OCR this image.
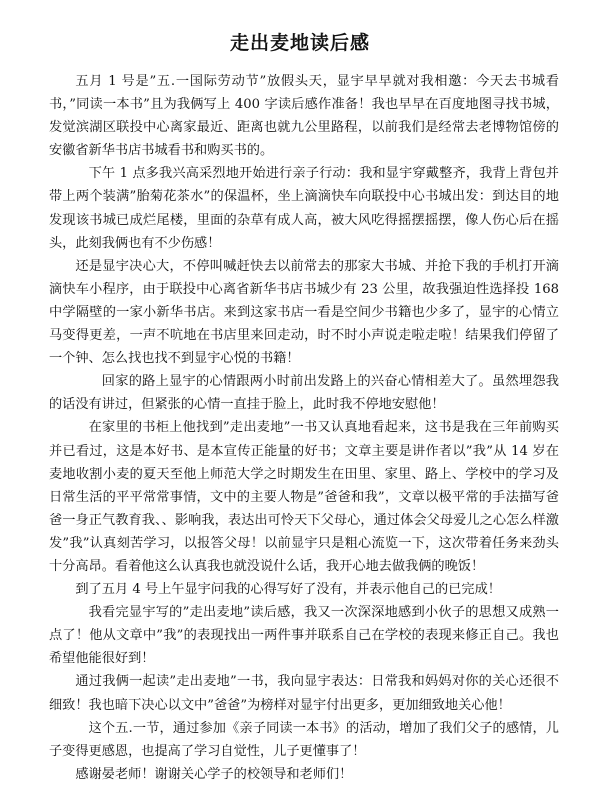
走出麦地读后感

五月 1 号是”五.一国际劳动节”放假头天，显宇早早就对我相邀：今天去书城看书，”同读一本书”且为我俩写上 400 字读后感作准备！我也早早在百度地图寻找书城，发觉滨湖区联投中心离家最近、距离也就九公里路程，以前我们是经常去老博物馆傍的安徽省新华书店书城看书和购买书的。

下午 1 点多我兴高采烈地开始进行亲子行动：我和显宇穿戴整齐，我背上背包并带上两个装满”胎菊花茶水”的保温杯，坐上滴滴快车向联投中心书城出发：到达目的地发现该书城已成烂尾楼，里面的杂草有成人高，被大风吃得摇摆摇摆，像人伤心后在摇头，此刻我俩也有不少伤感！

还是显宇决心大，不停叫喊赶快去以前常去的那家大书城、并抢下我的手机打开滴滴快车小程序，由于联投中心离省新华书店书城少有 23 公里，故我强迫性选择投 168 中学隔壁的一家小新华书店。来到这家书店一看是空间少书籍也少多了，显宇的心情立马变得更差，一声不吭地在书店里来回走动，时不时小声说走啦走啦！结果我们停留了一个钟、怎么找也找不到显宇心悦的书籍！

回家的路上显宇的心情跟两小时前出发路上的兴奋心情相差大了。虽然埋怨我的话没有讲过，但紧张的心情一直挂于脸上，此时我不停地安慰他！

在家里的书柜上他找到”走出麦地”一书又认真地看起来，这书是我在三年前购买并已看过，这是本好书、是本宣传正能量的好书；文章主要是讲作者以”我”从 14 岁在麦地收割小麦的夏天至他上师范大学之时期发生在田里、家里、路上、学校中的学习及日常生活的平平常常事情，文中的主要人物是”爸爸和我”，文章以极平常的手法描写爸爸一身正气教育我、、影响我，表达出可怜天下父母心，通过体会父母爱儿之心怎么样激发”我”认真刻苦学习，以报答父母！以前显宇只是粗心流览一下，这次带着任务来劲头十分高昂。看着他这么认真我也就没说什么话，我开心地去做我俩的晚饭！

到了五月 4 号上午显宇问我的心得写好了没有，并表示他自己的已完成！

我看完显宇写的”走出麦地”读后感，我又一次深深地感到小伙子的思想又成熟一点了！他从文章中”我”的表现找出一两件事并联系自己在学校的表现来修正自己。我也希望他能很好到！

通过我俩一起读”走出麦地”一书，我向显宇表达：日常我和妈妈对你的关心还很不细致！我也暗下决心以文中”爸爸”为榜样对显宇付出更多，更加细致地关心他！

这个五.一节，通过参加《亲子同读一本书》的活动，增加了我们父子的感情，儿子变得更感恩，也提高了学习自觉性，儿子更懂事了！

感谢晏老师！谢谢关心学子的校领导和老师们！
